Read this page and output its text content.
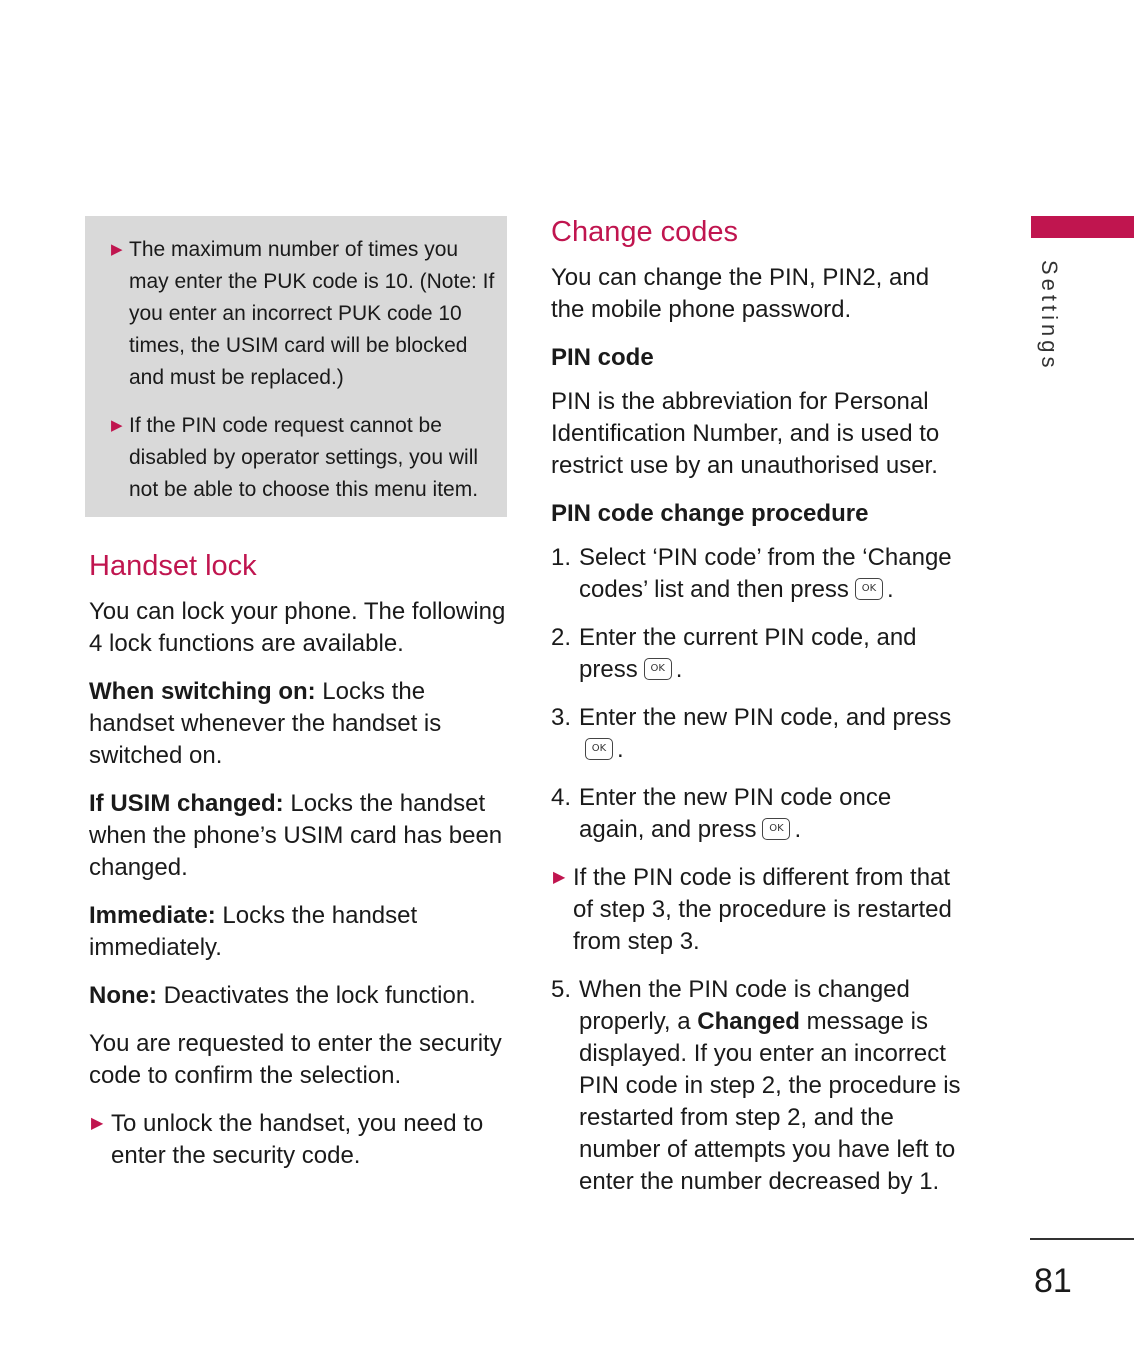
▶ The maximum number of times you may enter the PUK code is 10. (Note: If you enter an incorrect PUK code 10 times, the USIM card will be blocked and must be replaced.)
▶ If the PIN code request cannot be disabled by operator settings, you will not be able to choose this menu item.
Handset lock

You can lock your phone. The following 4 lock functions are available.

When switching on: Locks the handset whenever the handset is switched on.

If USIM changed: Locks the handset when the phone’s USIM card has been changed.

Immediate: Locks the handset immediately.

None: Deactivates the lock function.

You are requested to enter the security code to confirm the selection.

▶ To unlock the handset, you need to enter the security code.
Change codes

You can change the PIN, PIN2, and the mobile phone password.

PIN code

PIN is the abbreviation for Personal Identification Number, and is used to restrict use by an unauthorised user.

PIN code change procedure
1. Select ‘PIN code’ from the ‘Change codes’ list and then press OK .
2. Enter the current PIN code, and press OK .
3. Enter the new PIN code, and pressOK .
4. Enter the new PIN code once again, and press OK .
▶ If the PIN code is different from that of step 3, the procedure is restarted from step 3.
5. When the PIN code is changed properly, a Changed message is displayed. If you enter an incorrect PIN code in step 2, the procedure is restarted from step 2, and the number of attempts you have left to enter the number decreased by 1.
Settings
81
